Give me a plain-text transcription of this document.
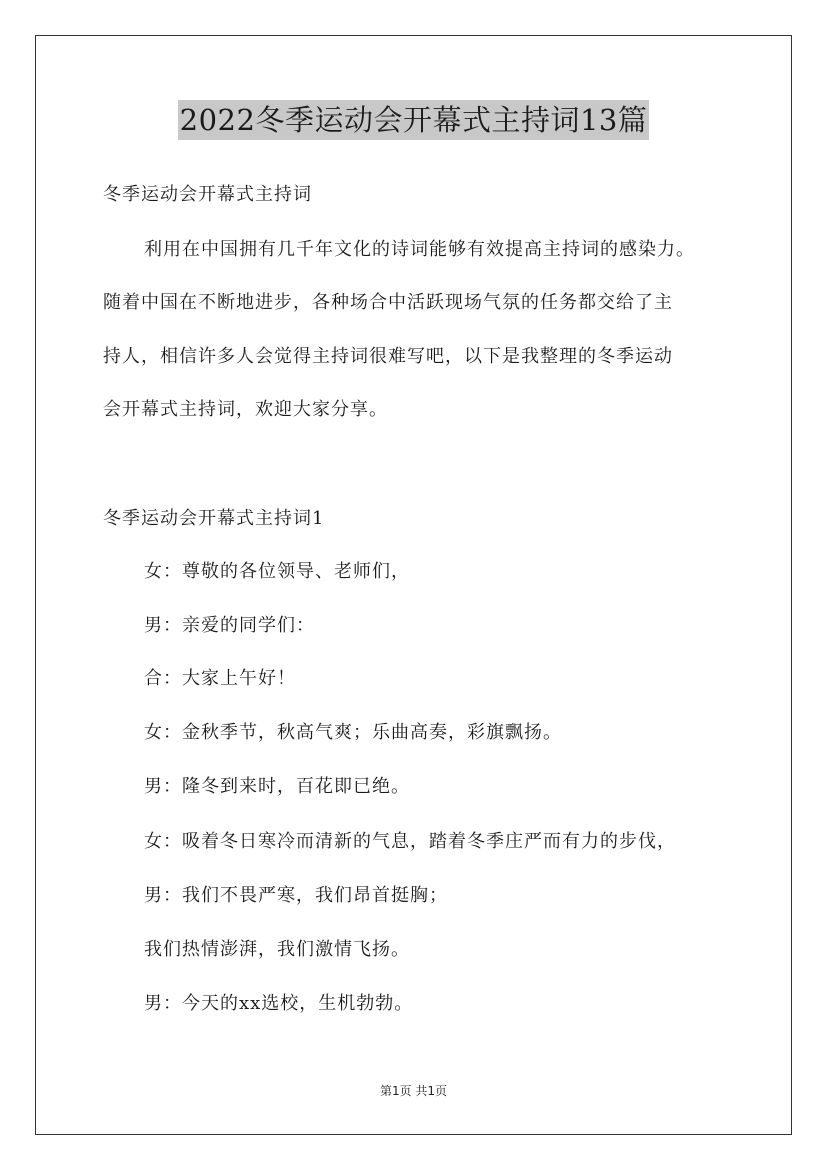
2022冬季运动会开幕式主持词13篇
冬季运动会开幕式主持词
利用在中国拥有几千年文化的诗词能够有效提高主持词的感染力。
随着中国在不断地进步，各种场合中活跃现场气氛的任务都交给了主
持人，相信许多人会觉得主持词很难写吧，以下是我整理的冬季运动
会开幕式主持词，欢迎大家分享。
冬季运动会开幕式主持词1
女：尊敬的各位领导、老师们，
男：亲爱的同学们：
合：大家上午好！
女：金秋季节，秋高气爽；乐曲高奏，彩旗飘扬。
男：隆冬到来时，百花即已绝。
女：吸着冬日寒冷而清新的气息，踏着冬季庄严而有力的步伐，
男：我们不畏严寒，我们昂首挺胸；
我们热情澎湃，我们激情飞扬。
男：今天的xx选校，生机勃勃。
第1页 共1页
